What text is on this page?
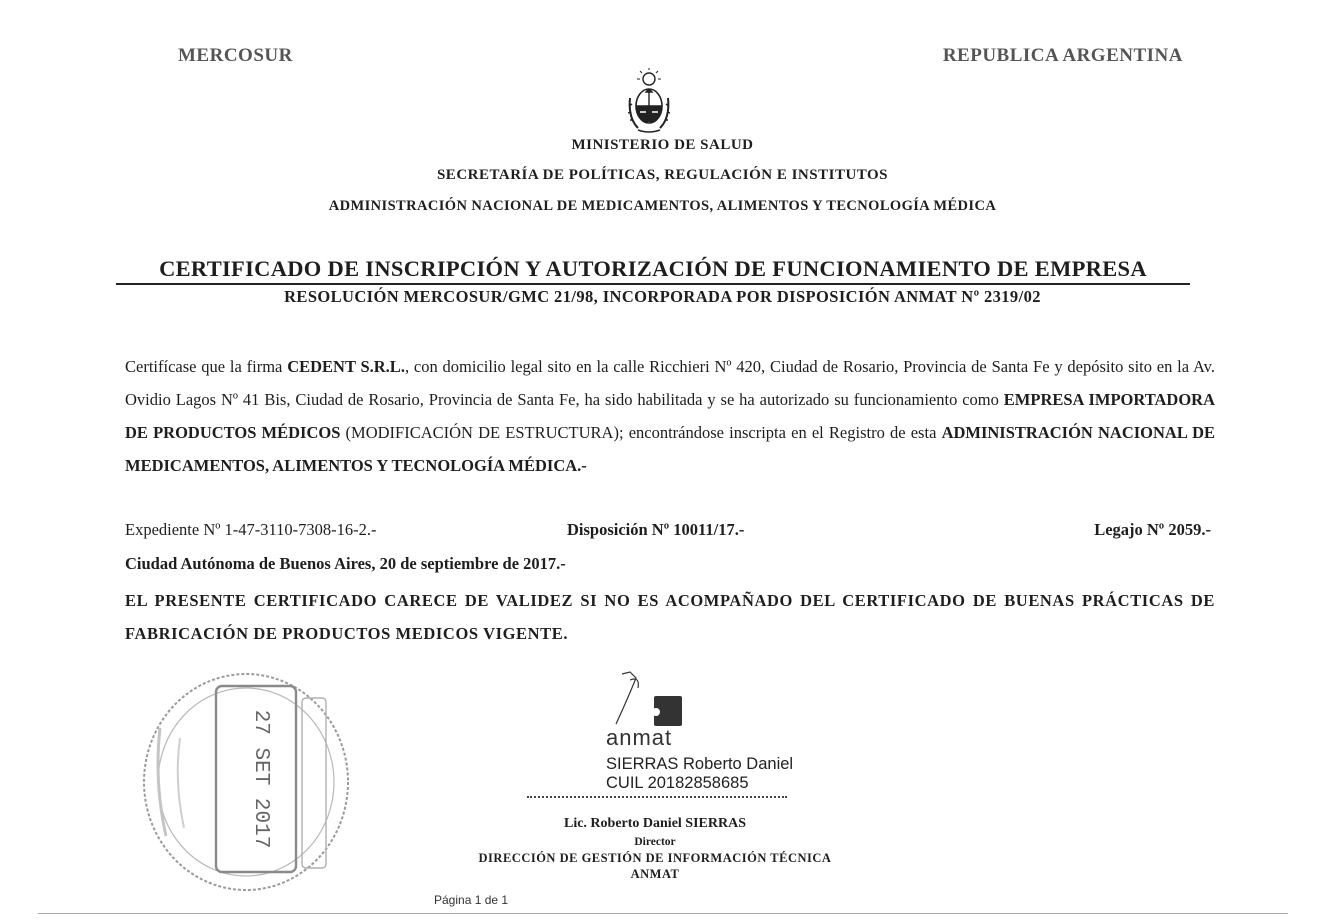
MERCOSUR	REPUBLICA ARGENTINA
MINISTERIO DE SALUD
SECRETARÍA DE POLÍTICAS, REGULACIÓN E INSTITUTOS
ADMINISTRACIÓN NACIONAL DE MEDICAMENTOS, ALIMENTOS Y TECNOLOGÍA MÉDICA
CERTIFICADO DE INSCRIPCIÓN Y AUTORIZACIÓN DE FUNCIONAMIENTO DE EMPRESA
RESOLUCIÓN MERCOSUR/GMC 21/98, INCORPORADA POR DISPOSICIÓN ANMAT Nº 2319/02
Certifícase que la firma CEDENT S.R.L., con domicilio legal sito en la calle Ricchieri Nº 420, Ciudad de Rosario, Provincia de Santa Fe y depósito sito en la Av. Ovidio Lagos Nº 41 Bis, Ciudad de Rosario, Provincia de Santa Fe, ha sido habilitada y se ha autorizado su funcionamiento como EMPRESA IMPORTADORA DE PRODUCTOS MÉDICOS (MODIFICACIÓN DE ESTRUCTURA); encontrándose inscripta en el Registro de esta ADMINISTRACIÓN NACIONAL DE MEDICAMENTOS, ALIMENTOS Y TECNOLOGÍA MÉDICA.-
Expediente Nº 1-47-3110-7308-16-2.-	Disposición Nº 10011/17.-	Legajo Nº 2059.-
Ciudad Autónoma de Buenos Aires, 20 de septiembre de 2017.-
EL PRESENTE CERTIFICADO CARECE DE VALIDEZ SI NO ES ACOMPAÑADO DEL CERTIFICADO DE BUENAS PRÁCTICAS DE FABRICACIÓN DE PRODUCTOS MEDICOS VIGENTE.
27 SET 2017	anmat
SIERRAS Roberto Daniel
CUIL 20182858685
Lic. Roberto Daniel SIERRAS
Director
DIRECCIÓN DE GESTIÓN DE INFORMACIÓN TÉCNICA
ANMAT
Página 1 de 1
